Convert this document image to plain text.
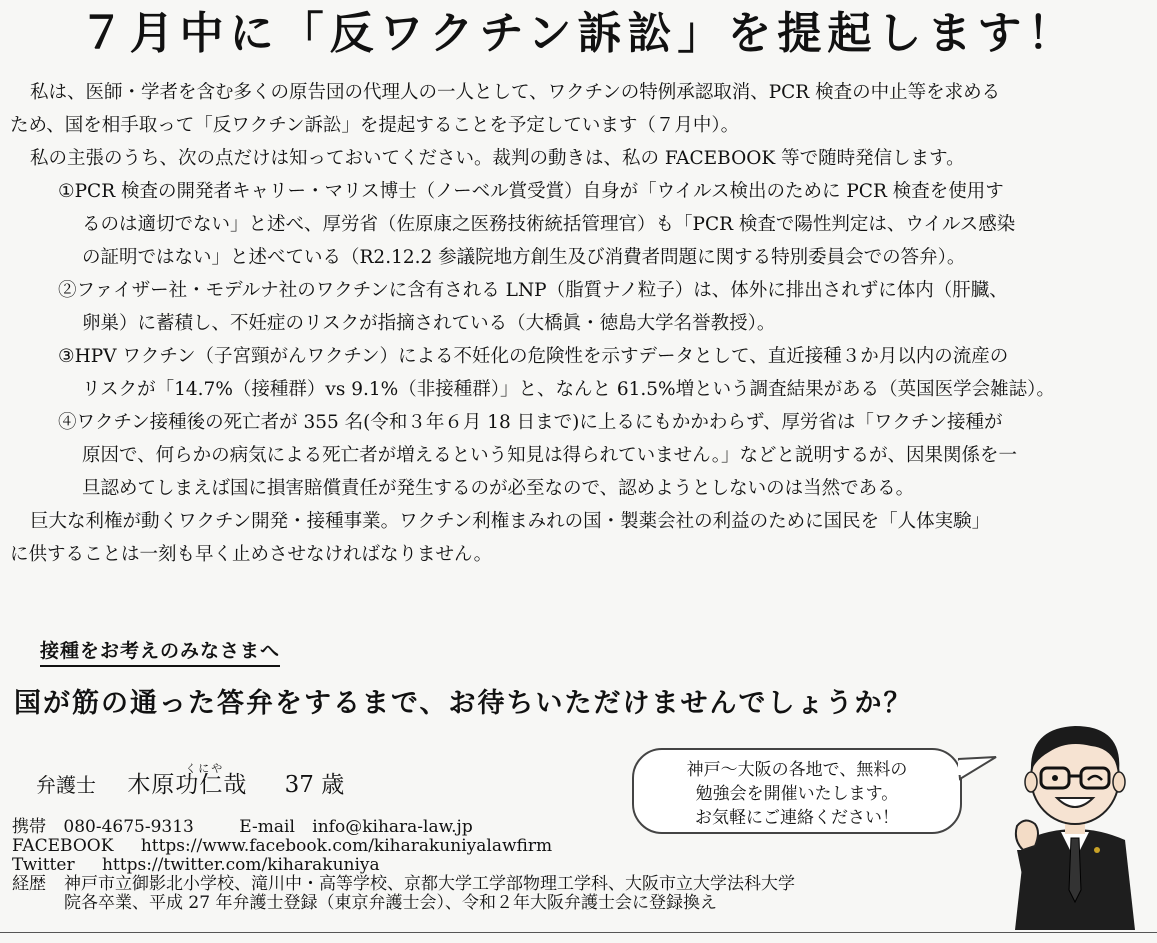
７月中に「反ワクチン訴訟」を提起します！
私は、医師・学者を含む多くの原告団の代理人の一人として、ワクチンの特例承認取消、PCR 検査の中止等を求める
ため、国を相手取って「反ワクチン訴訟」を提起することを予定しています（７月中）。
私の主張のうち、次の点だけは知っておいてください。裁判の動きは、私の FACEBOOK 等で随時発信します。
①PCR 検査の開発者キャリー・マリス博士（ノーベル賞受賞）自身が「ウイルス検出のために PCR 検査を使用す
るのは適切でない」と述べ、厚労省（佐原康之医務技術統括管理官）も「PCR 検査で陽性判定は、ウイルス感染
の証明ではない」と述べている（R2.12.2 参議院地方創生及び消費者問題に関する特別委員会での答弁）。
②ファイザー社・モデルナ社のワクチンに含有される LNP（脂質ナノ粒子）は、体外に排出されずに体内（肝臓、
卵巣）に蓄積し、不妊症のリスクが指摘されている（大橋眞・徳島大学名誉教授）。
③HPV ワクチン（子宮頸がんワクチン）による不妊化の危険性を示すデータとして、直近接種３か月以内の流産の
リスクが「14.7%（接種群）vs 9.1%（非接種群）」と、なんと 61.5%増という調査結果がある（英国医学会雑誌）。
④ワクチン接種後の死亡者が 355 名(令和３年６月 18 日まで)に上るにもかかわらず、厚労省は「ワクチン接種が
原因で、何らかの病気による死亡者が増えるという知見は得られていません。」などと説明するが、因果関係を一
旦認めてしまえば国に損害賠償責任が発生するのが必至なので、認めようとしないのは当然である。
巨大な利権が動くワクチン開発・接種事業。ワクチン利権まみれの国・製薬会社の利益のために国民を「人体実験」
に供することは一刻も早く止めさせなければなりません。
接種をお考えのみなさまへ
国が筋の通った答弁をするまで、お待ちいただけませんでしょうか？
弁護士
くにや
木原功仁哉 37 歳
携帯 080-4675-9313	E-mail info@kihara-law.jp
FACEBOOK https://www.facebook.com/kiharakuniyalawfirm
Twitter https://twitter.com/kiharakuniya
経歴 神戸市立御影北小学校、滝川中・高等学校、京都大学工学部物理工学科、大阪市立大学法科大学
院各卒業、平成 27 年弁護士登録（東京弁護士会）、令和２年大阪弁護士会に登録換え
神戸～大阪の各地で、無料の
勉強会を開催いたします。
お気軽にご連絡ください！
